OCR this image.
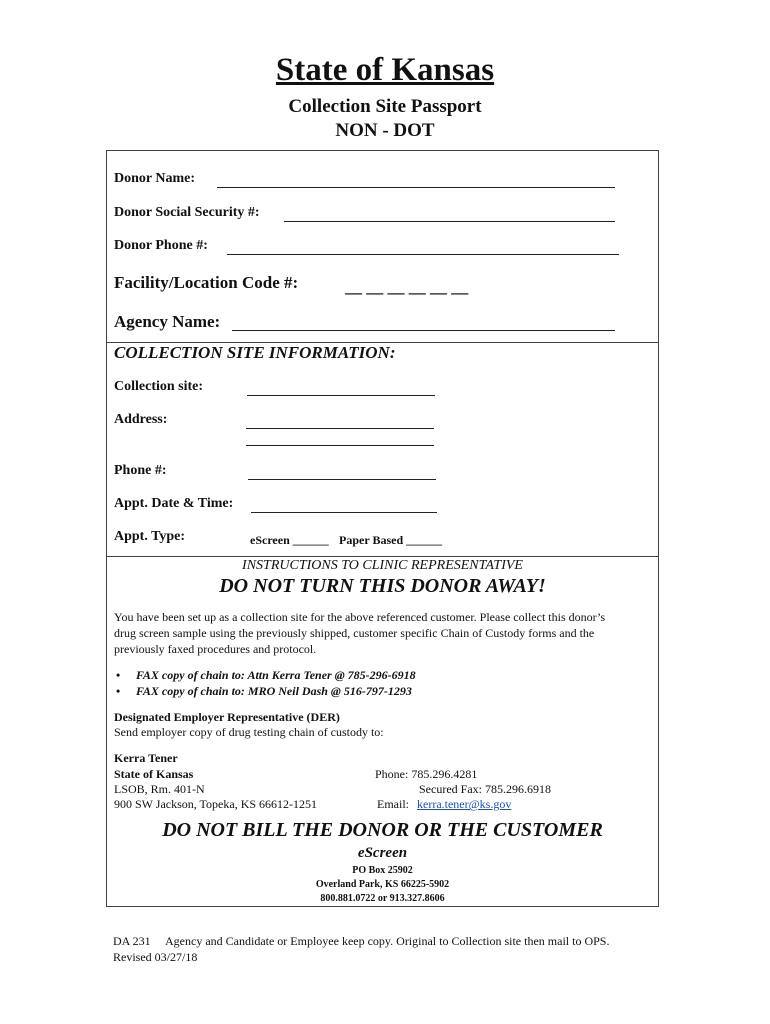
State of Kansas
Collection Site Passport
NON - DOT
Donor Name:
Donor Social Security #:
Donor Phone #:
Facility/Location Code #:	__ __ __ __ __ __
Agency Name:
COLLECTION SITE INFORMATION:
Collection site:
Address:
Phone #:
Appt. Date & Time:
Appt. Type:	eScreen ______ Paper Based ______
INSTRUCTIONS TO CLINIC REPRESENTATIVE
DO NOT TURN THIS DONOR AWAY!
You have been set up as a collection site for the above referenced customer. Please collect this donor’s
drug screen sample using the previously shipped, customer specific Chain of Custody forms and the
previously faxed procedures and protocol.
• FAX copy of chain to: Attn Kerra Tener @ 785-296-6918
• FAX copy of chain to: MRO Neil Dash @ 516-797-1293
Designated Employer Representative (DER)
Send employer copy of drug testing chain of custody to:
Kerra Tener
State of Kansas
LSOB, Rm. 401-N
900 SW Jackson, Topeka, KS 66612-1251
Phone: 785.296.4281
Secured Fax: 785.296.6918
Email: kerra.tener@ks.gov
DO NOT BILL THE DONOR OR THE CUSTOMER
eScreen
PO Box 25902
Overland Park, KS 66225-5902
800.881.0722 or 913.327.8606
DA 231     Agency and Candidate or Employee keep copy. Original to Collection site then mail to OPS.
Revised 03/27/18
